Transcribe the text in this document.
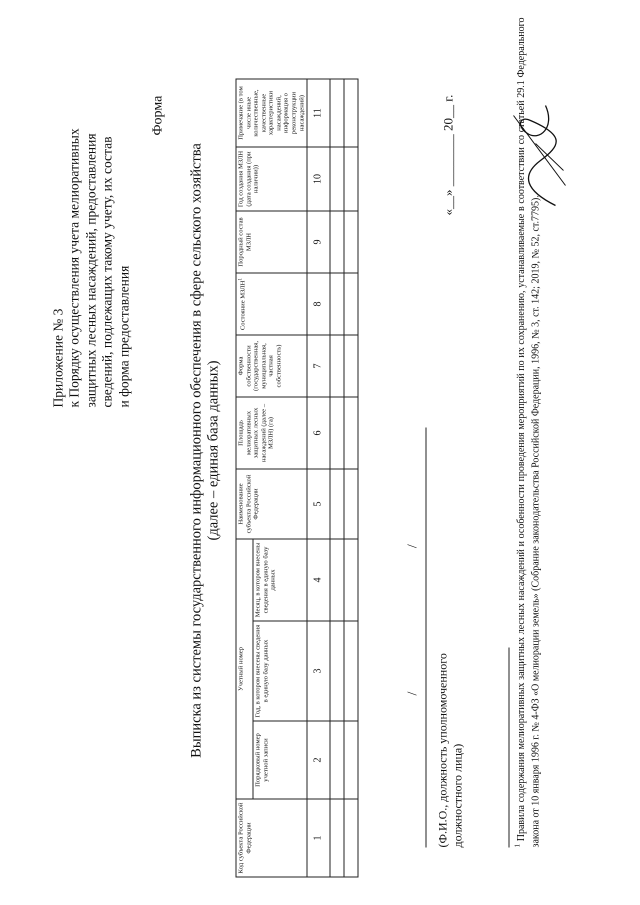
Приложение № 3 к Порядку осуществления учета мелиоративных защитных лесных насаждений, предоставления сведений, подлежащих такому учету, их состав и форма предоставления
Форма
Выписка из системы государственного информационного обеспечения в сфере сельского хозяйства (далее – единая база данных)
Код субъекта Российской Федерации	Учетный номер			Наименование субъекта Российской Федерации	Площадь мелиоративных защитных лесных насаждений (далее – МЗЛН) (га)	Форма собственности (государственная, муниципальная, частная собственность)	Состояние МЗЛН$^1$	Породный состав МЗЛН	Год создания МЗЛН (дата создания (при наличии))	Примечание (в том числе иные количественные, качественные характеристики насаждений, информация о реконструкции насаждений)
	Порядковый номер учетной записи	Год, в котором внесены сведения в единую базу данных	Месяц, в котором внесены сведения в единую базу данных							
1	2	3	4	5	6	7	8	9	10	11

/ /
(Ф.И.О., должность уполномоченного должностного лица)
«__» ________ 20__ г.
$^1$ Правила содержания мелиоративных защитных лесных насаждений и особенности проведения мероприятий по их сохранению, устанавливаемые в соответствии со статьей 29.1 Федерального закона от 10 января 1996 г. № 4-ФЗ «О мелиорации земель» (Собрание законодательства Российской Федерации, 1996, № 3, ст. 142; 2019, № 52, ст.7795).
